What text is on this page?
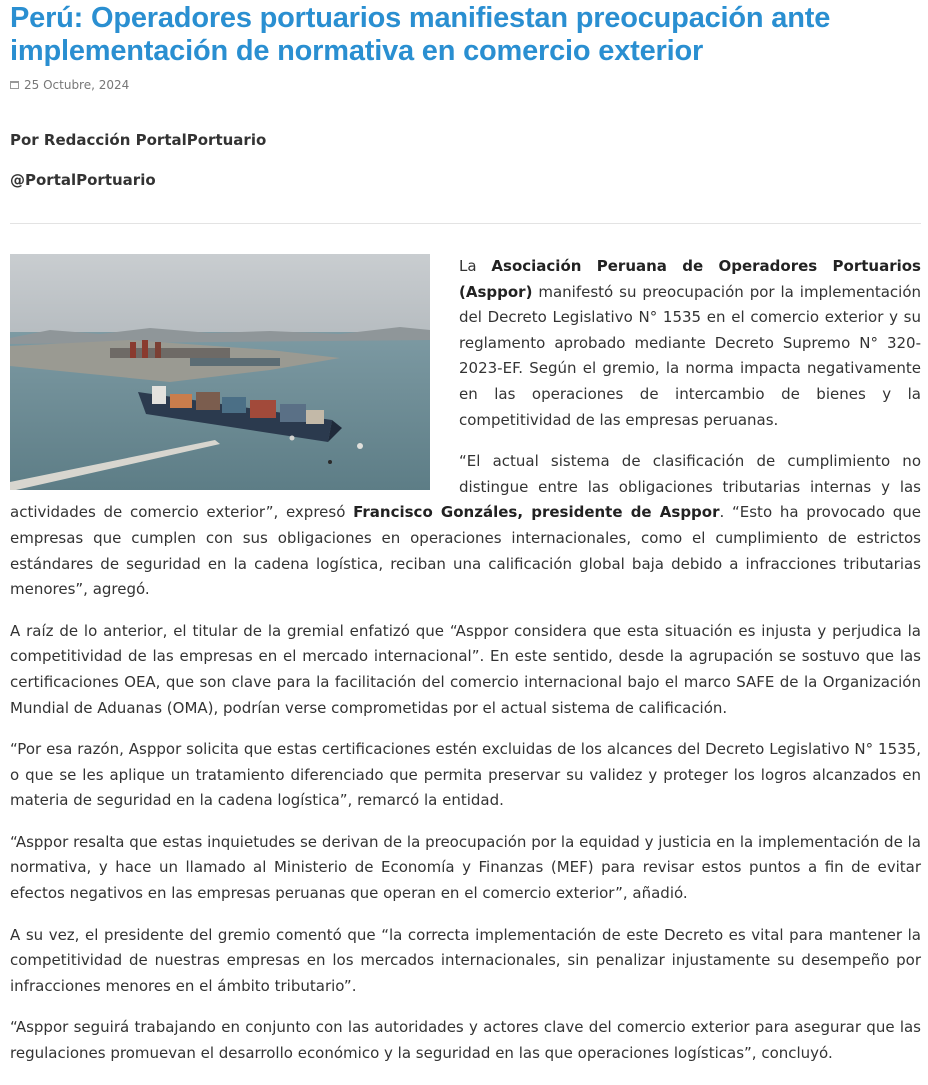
Perú: Operadores portuarios manifiestan preocupación ante implementación de normativa en comercio exterior
25 Octubre, 2024
Por Redacción PortalPortuario
@PortalPortuario

La Asociación Peruana de Operadores Portuarios (Asppor) manifestó su preocupación por la implementación del Decreto Legislativo N° 1535 en el comercio exterior y su reglamento aprobado mediante Decreto Supremo N° 320-2023-EF. Según el gremio, la norma impacta negativamente en las operaciones de intercambio de bienes y la competitividad de las empresas peruanas.

“El actual sistema de clasificación de cumplimiento no distingue entre las obligaciones tributarias internas y las actividades de comercio exterior”, expresó Francisco Gonzáles, presidente de Asppor. “Esto ha provocado que empresas que cumplen con sus obligaciones en operaciones internacionales, como el cumplimiento de estrictos estándares de seguridad en la cadena logística, reciban una calificación global baja debido a infracciones tributarias menores”, agregó.

A raíz de lo anterior, el titular de la gremial enfatizó que “Asppor considera que esta situación es injusta y perjudica la competitividad de las empresas en el mercado internacional”. En este sentido, desde la agrupación se sostuvo que las certificaciones OEA, que son clave para la facilitación del comercio internacional bajo el marco SAFE de la Organización Mundial de Aduanas (OMA), podrían verse comprometidas por el actual sistema de calificación.

“Por esa razón, Asppor solicita que estas certificaciones estén excluidas de los alcances del Decreto Legislativo N° 1535, o que se les aplique un tratamiento diferenciado que permita preservar su validez y proteger los logros alcanzados en materia de seguridad en la cadena logística”, remarcó la entidad.

“Asppor resalta que estas inquietudes se derivan de la preocupación por la equidad y justicia en la implementación de la normativa, y hace un llamado al Ministerio de Economía y Finanzas (MEF) para revisar estos puntos a fin de evitar efectos negativos en las empresas peruanas que operan en el comercio exterior”, añadió.

A su vez, el presidente del gremio comentó que “la correcta implementación de este Decreto es vital para mantener la competitividad de nuestras empresas en los mercados internacionales, sin penalizar injustamente su desempeño por infracciones menores en el ámbito tributario”.

“Asppor seguirá trabajando en conjunto con las autoridades y actores clave del comercio exterior para asegurar que las regulaciones promuevan el desarrollo económico y la seguridad en las que operaciones logísticas”, concluyó.
